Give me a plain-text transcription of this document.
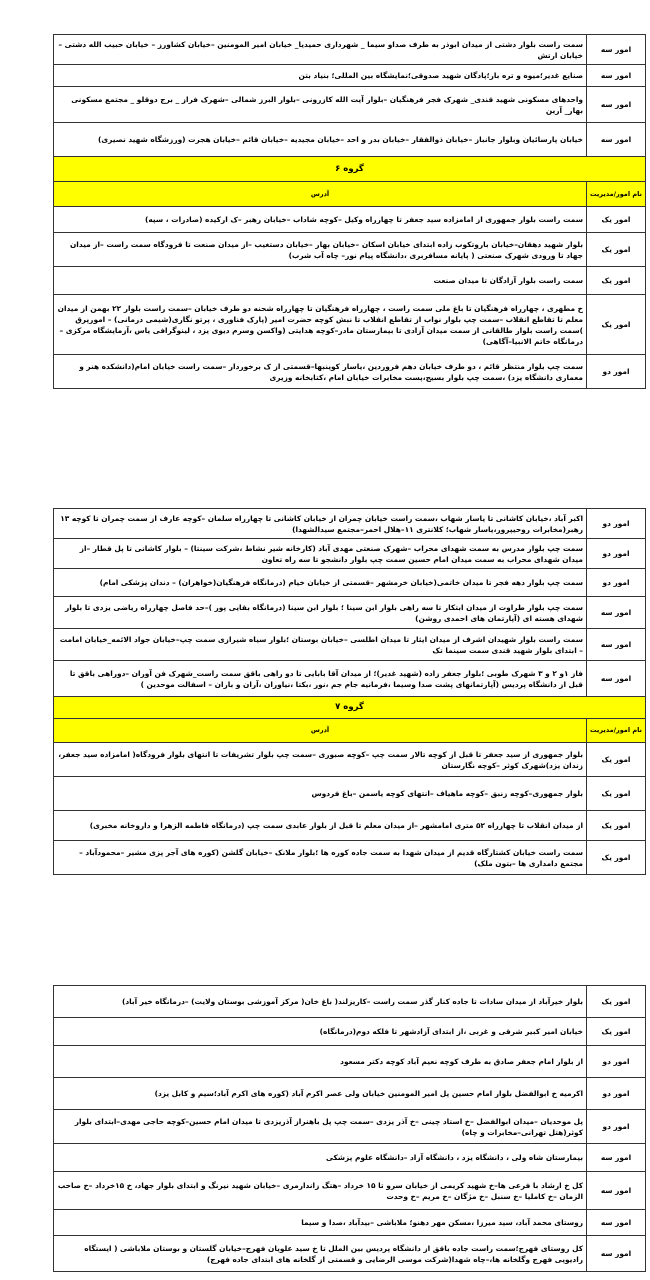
امور سه	سمت راست بلوار دشتی از میدان ابوذر به طرف صداو سیما _ شهرداری حمیدیا_ خیابان امیر المومنین –خیابان کشاورز – خیابان حبیب الله دشتی –خیابان ارتش
امور سه	صنایع غدیر؛میوه و تره بار؛پادگان شهید صدوقی؛نمایشگاه بین المللی؛ بنیاد بتن
امور سه	واحدهای مسکونی شهید قندی_ شهرک فجر فرهنگیان –بلوار آیت الله کازرونی –بلوار البرز شمالی –شهرک فراز _ برج دوقلو _ مجتمع مسکونی بهار_ آرین
امور سه	خیابان پارسائیان وبلوار جانباز –خیابان ذوالفقار –خیابان بدر و احد –خیابان مجیدیه –خیابان قائم –خیابان هجرت (ورزشگاه شهید نصیری)
گروه ۶	
نام امور/مدیریت	آدرس
امور یک	سمت راست بلوار جمهوری از امامزاده سید جعفر تا چهارراه وکیل –کوچه شاداب –خیابان رهبر –ک ارکیده (صادرات ، سپه)
امور یک	بلوار شهید دهقان–خیابان باروتکوب زاده ابتدای خیابان اسکان –خیابان بهار –خیابان دستغیب –از میدان صنعت تا فرودگاه سمت راست –از میدان جهاد تا ورودی شهرک صنعتی ( پایانه مسافربری ،دانشگاه پیام نور– چاه آب شرب)
امور یک	سمت راست بلوار آزادگان تا میدان صنعت
امور یک	خ مطهری ، چهارراه فرهنگیان تا باغ ملی سمت راست ، چهارراه فرهنگیان تا چهارراه شحنه دو طرف خیابان –سمت راست بلوار ۲۲ بهمن از میدان معلم تا تقاطع انقلاب –سمت چپ بلوار نواب از تقاطع انقلاب تا نبش کوچه حضرت امیر (پارک فناوری ، پرتو نگاری(شیمی درمانی) – امورپرق )سمت راست بلوار طالقانی از سمت میدان آزادی تا بیمارستان مادر–کوچه هدایتی (واکسن وسرم دیوی یزد ، لینوگرافی یاس ،آزمایشگاه مرکزی –درمانگاه خاتم الانبیا–آگاهی)
امور دو	سمت چپ بلوار منتظر قائم ، دو طرف خیابان دهم فروردین ،یاسار کوینبها–قسمتی از ک برخوردار –سمت راست خیابان امام(دانشکده هنر و معماری دانشگاه یزد) ،سمت چپ بلوار بسیج،پست مخابرات خیابان امام ،کتابخانه وزیری
امور دو	اکبر آباد ،خیابان کاشانی تا یاسار شهاب ،سمت راست خیابان چمران از خیابان کاشانی تا چهارراه سلمان –کوچه عارف از سمت چمران تا کوچه ۱۳ رهبر(مخابرات روحیپرور،یاسار شهاب؛ کلانتری ۱۱–هلال احمر–مجتمع سیدالشهدا)
امور دو	سمت چپ بلوار مدرس به سمت شهدای محراب –شهرک صنعتی مهدی آباد (کارخانه شیر نشاط ،شرکت سینتا) – بلوار کاشانی تا پل قطار –از میدان شهدای محراب به سمت میدان امام حسین سمت چپ بلوار دانشجو تا سه راه تعاون
امور دو	سمت چپ بلوار دهه فجر تا میدان خاتمی(خیابان خرمشهر –قسمتی از خیابان خیام (درمانگاه فرهنگیان(خواهران) – دندان پزشکی امام)
امور سه	سمت چپ بلوار طراوت از میدان ابتکار تا سه راهی بلوار ابن سینا ؛ بلوار ابن سینا (درمانگاه بقایی پور )–حد فاصل چهارراه ریاضی یزدی تا بلوار شهدای هسته ای (آپارتمان های احمدی روشن)
امور سه	سمت راست بلوار شهیدان اشرف از میدان ایثار تا میدان اطلسی –خیابان بوستان ؛بلوار سیاه شیرازی سمت چپ–خیابان جواد الائمه_خیابان امامت – ابتدای بلوار شهید قندی سمت سینما تک
امور سه	فاز ۱و ۲ و ۳ شهرک طوبی ؛بلوار جعفر زاده (شهید غدیر)؛ از میدان آقا بابایی تا دو راهی باقق سمت راست_شهرک فن آوران –دوراهی باقق تا قبل از دانشگاه پردیس (آپارتمانهای پشت صدا وسیما ،فرمانیه جام جم ،نور ،بکتا ،نیاوران ،آران و باران – اسفالت موحدین )
گروه ۷	
نام امور/مدیریت	آدرس
امور یک	بلوار جمهوری از سید جعفر تا قبل از کوچه تالار سمت چپ –کوچه صبوری –سمت چپ بلوار تشریفات تا انتهای بلوار فرودگاه( امامزاده سید جعفر، زندان یزد)شهرک کوثر –کوچه نگارستان
امور یک	بلوار جمهوری–کوچه زنبق –کوچه ماهیاف –انتهای کوچه یاسمن –باغ فردوس
امور یک	از میدان انقلاب تا چهارراه ۵۲ متری امامشهر –از میدان معلم تا قبل از بلوار عابدی سمت چپ (درمانگاه فاطمه الزهرا و داروخانه مخبری)
امور یک	سمت راست خیابان کشتارگاه قدیم از میدان شهدا به سمت جاده کوره ها ؛بلوار ملانک –خیابان گلشن (کوره های آجر پزی مشیر –محمودآباد –مجتمع دامداری ها –بتون ملک)
امور یک	بلوار خیرآباد از میدان سادات تا جاده کنار گذر سمت راست –کاریزلند( باغ خان( مرکز آموزشی بوستان ولایت) –درمانگاه خیر آباد)
امور یک	خیابان امیر کبیر شرقی و غربی ،از ابتدای آزادشهر تا فلکه دوم(درمانگاه)
امور دو	از بلوار امام جعفر صادق به طرف کوچه نعیم آباد کوچه دکتر مسعود
امور دو	اکرمیه خ ابوالفضل بلوار امام حسین پل امیر المومنین خیابان ولی عصر اکرم آباد (کوره های اکرم آباد؛سیم و کابل یزد)
امور دو	پل موحدیان –میدان ابوالفضل –خ استاد چینی –خ آذر یزدی –سمت چپ پل باهنراز آذریزدی تا میدان امام حسین–کوچه حاجی مهدی–ابتدای بلوار کوثر(هتل تهرانی–مخابرات و چاه)
امور سه	بیمارستان شاه ولی ، دانشگاه یزد ، دانشگاه آزاد –دانشگاه علوم پزشکی
امور سه	کل خ ارشاد با فرعی ها–خ شهید کریمی از خیابان سرو تا ۱۵ خرداد –هتگ زاندارمری –خیابان شهید نیرنگ و ابتدای بلوار جهاد، خ ۱۵خرداد –خ صاحب الزمان –خ کاملیا –خ سنبل –خ مژگان –خ مریم –خ وحدت
امور سه	روستای محمد آباد، سید میرزا ،مسکن مهر دهنو؛ ملاباشی –بیدآباد ،صدا و سیما
امور سه	کل روستای فهرج؛سمت راست جاده باقق از دانشگاه پردیس بین الملل تا خ سید علویان فهرج–خیابان گلستان و بوستان ملاباشی ( ایستگاه رادیویی فهرج وگلخانه ها،–چاه شهدا(شرکت موسی الرضایی و قسمتی از گلخانه های ابتدای جاده فهرج)
